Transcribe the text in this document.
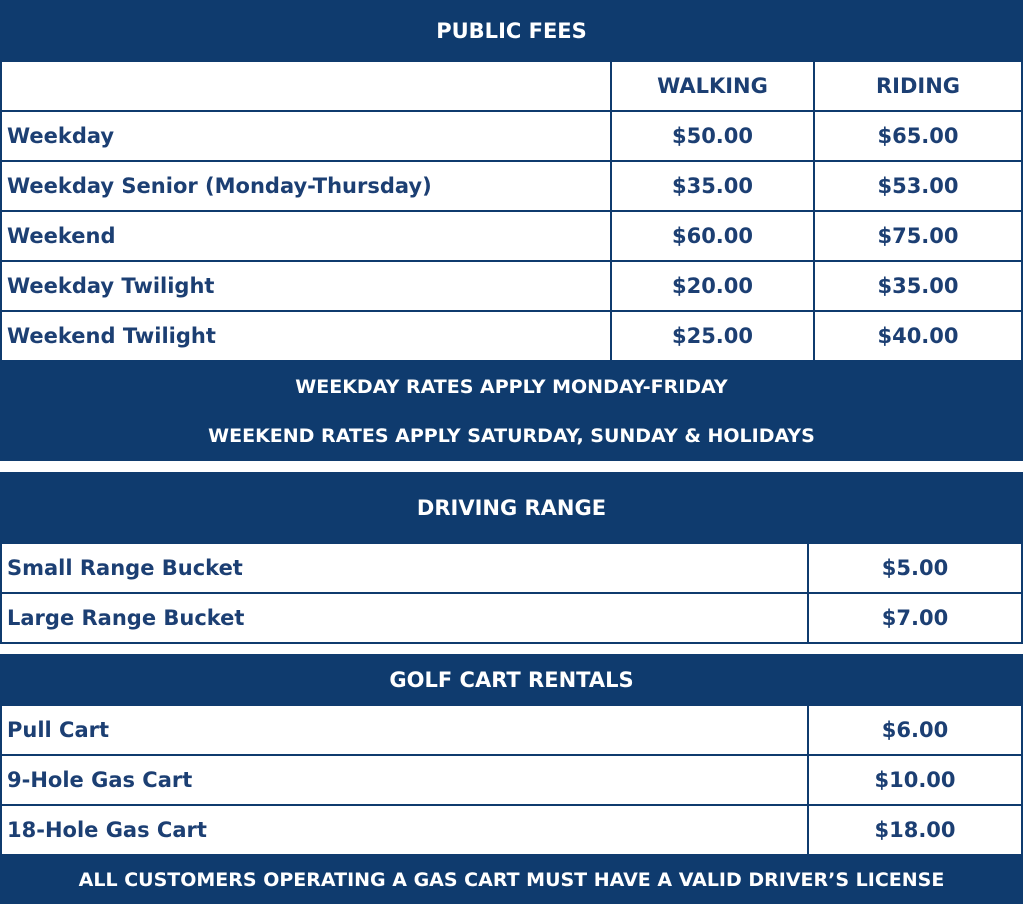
PUBLIC FEES		
	WALKING	RIDING
Weekday	$50.00	$65.00
Weekday Senior (Monday-Thursday)	$35.00	$53.00
Weekend	$60.00	$75.00
Weekday Twilight	$20.00	$35.00
Weekend Twilight	$25.00	$40.00
WEEKDAY RATES APPLY MONDAY-FRIDAY		
WEEKEND RATES APPLY SATURDAY, SUNDAY & HOLIDAYS		
DRIVING RANGE	
Small Range Bucket	$5.00
Large Range Bucket	$7.00
GOLF CART RENTALS	
Pull Cart	$6.00
9-Hole Gas Cart	$10.00
18-Hole Gas Cart	$18.00
ALL CUSTOMERS OPERATING A GAS CART MUST HAVE A VALID DRIVER’S LICENSE	
